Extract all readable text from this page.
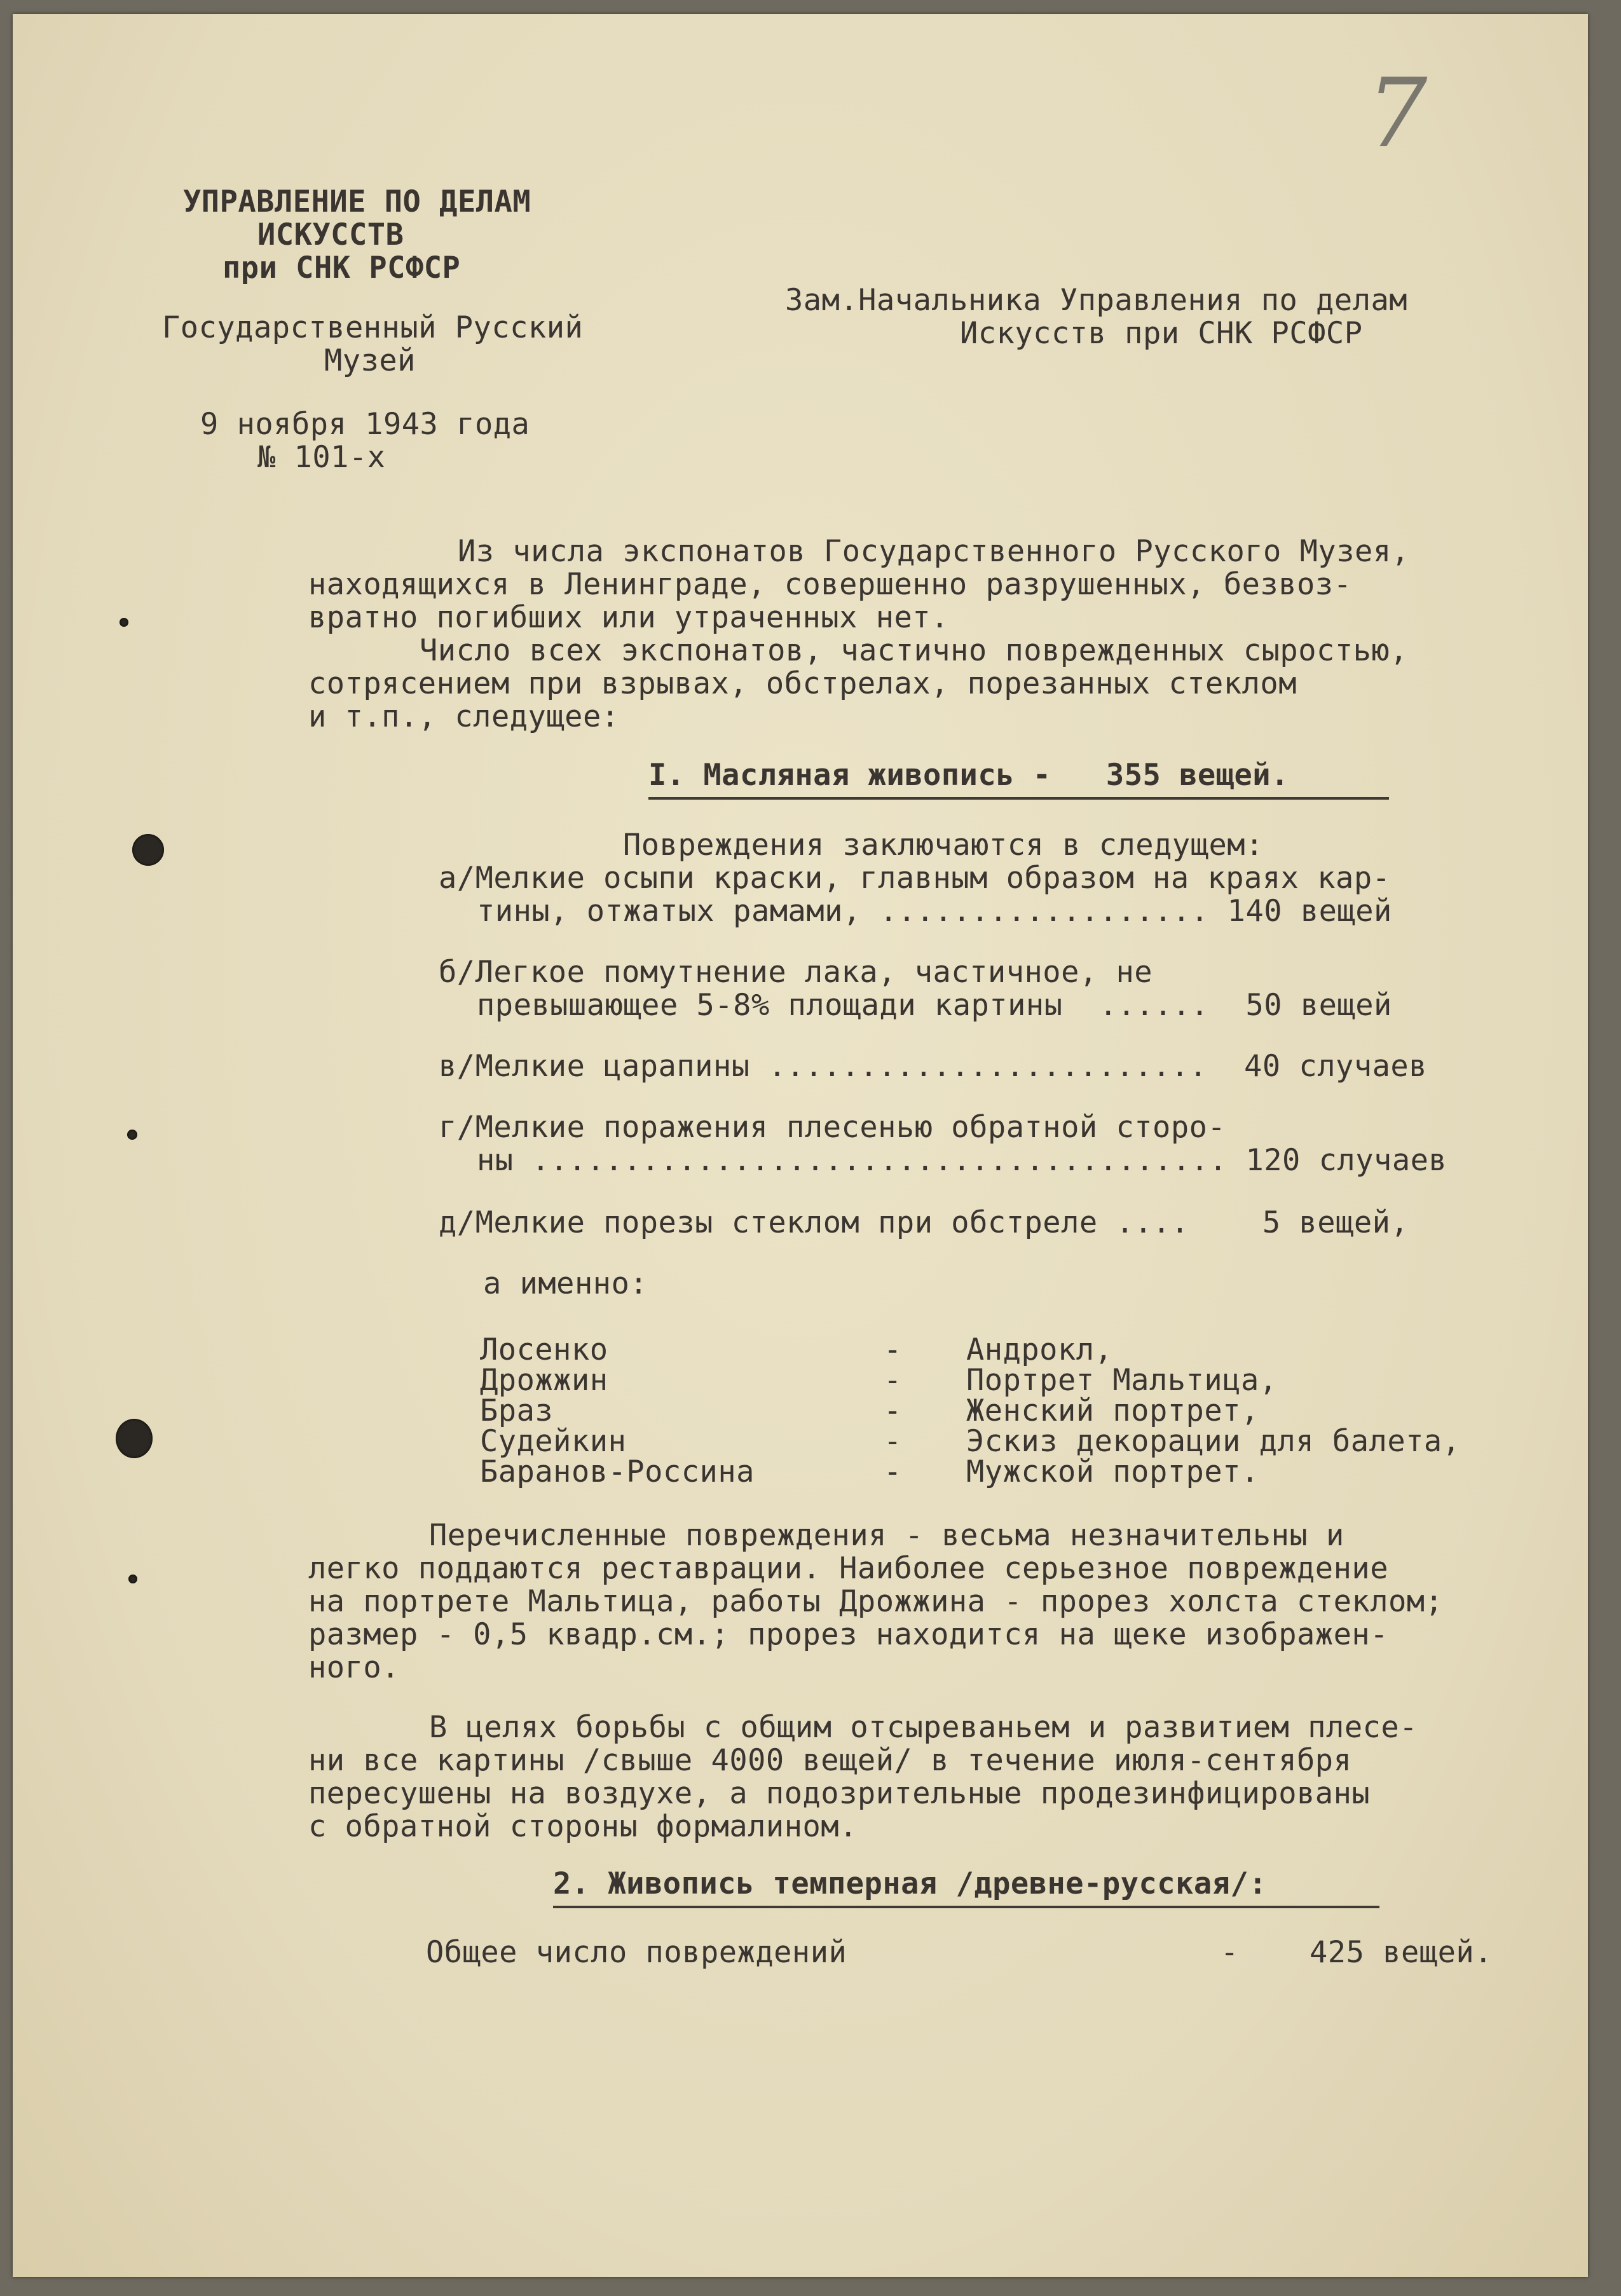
7
УПРАВЛЕНИЕ ПО ДЕЛАМ
ИСКУССТВ
при СНК РСФСР
Государственный Русский
Музей
9 ноября 1943 года
№ 101-х
Зам.Начальника Управления по делам
Искусств при СНК РСФСР
Из числа экспонатов Государственного Русского Музея,
находящихся в Ленинграде, совершенно разрушенных, безвоз-
вратно погибших или утраченных нет.
Число всех экспонатов, частично поврежденных сыростью,
сотрясением при взрывах, обстрелах, порезанных стеклом
и т.п., следущее:
I. Масляная живопись -   355 вещей.
Повреждения заключаются в следущем:
а/Мелкие осыпи краски, главным образом на краях кар-
тины, отжатых рамами, .................. 140 вещей
б/Легкое помутнение лака, частичное, не
превышающее 5-8% площади картины  ......  50 вещей
в/Мелкие царапины ........................  40 случаев
г/Мелкие поражения плесенью обратной сторо-
ны ...................................... 120 случаев
д/Мелкие порезы стеклом при обстреле ....    5 вещей,
а именно:
Лосенко	- Андрокл,
Дрожжин	- Портрет Мальтица,
Браз	- Женский портрет,
Судейкин	- Эскиз декорации для балета,
Баранов-Россина	- Мужской портрет.
Перечисленные повреждения - весьма незначительны и
легко поддаются реставрации. Наиболее серьезное повреждение
на портрете Мальтица, работы Дрожжина - прорез холста стеклом;
размер - 0,5 квадр.см.; прорез находится на щеке изображен-
ного.
В целях борьбы с общим отсыреваньем и развитием плесе-
ни все картины /свыше 4000 вещей/ в течение июля-сентября
пересушены на воздухе, а подозрительные продезинфицированы
с обратной стороны формалином.
2. Живопись темперная /древне-русская/:
Общее число повреждений	- 425 вещей.
